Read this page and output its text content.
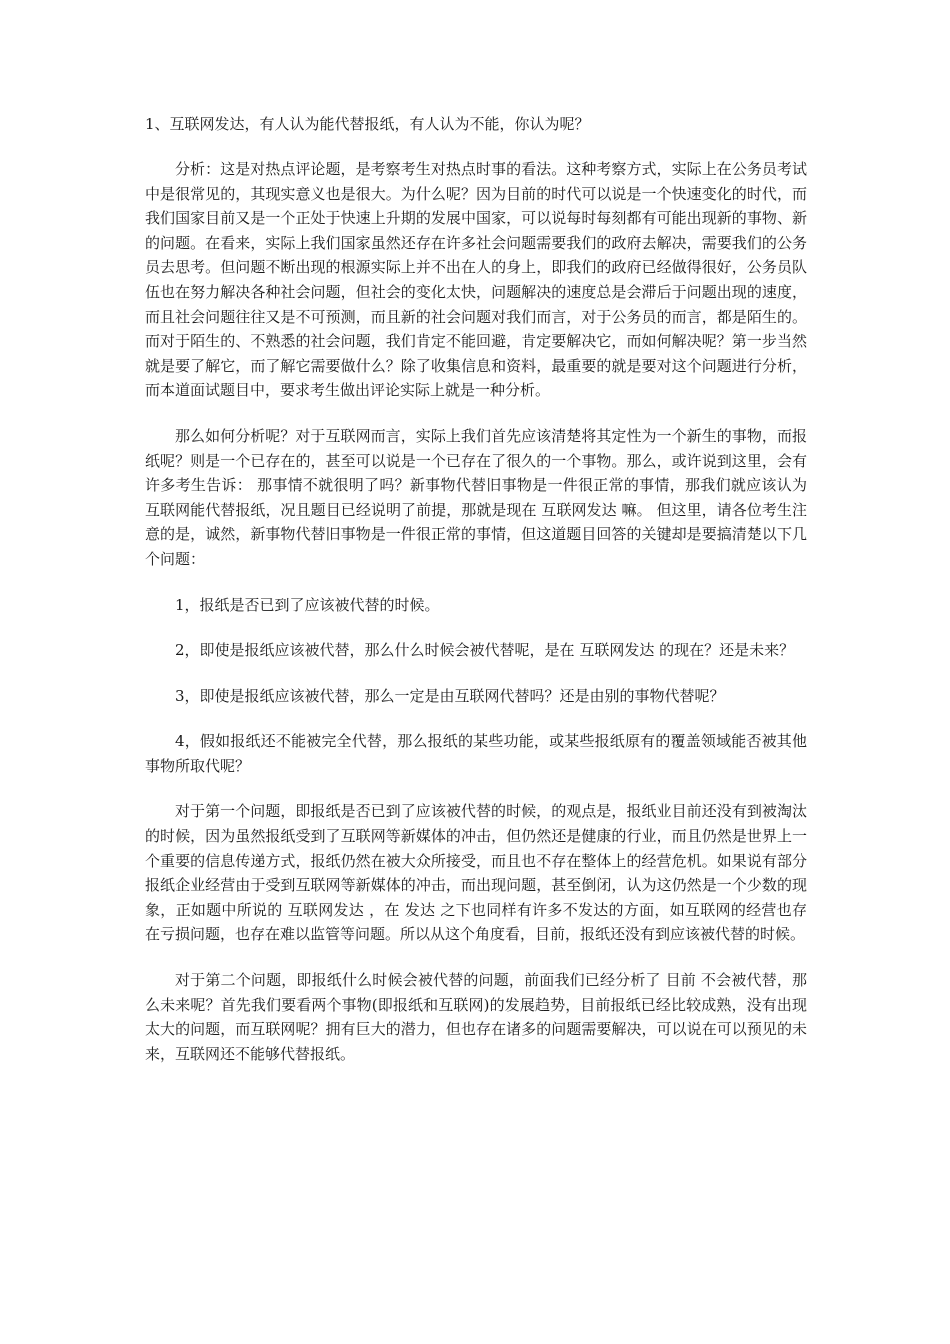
1、互联网发达，有人认为能代替报纸，有人认为不能，你认为呢？

分析：这是对热点评论题，是考察考生对热点时事的看法。这种考察方式，实际上在公务员考试中是很常见的，其现实意义也是很大。为什么呢？因为目前的时代可以说是一个快速变化的时代，而我们国家目前又是一个正处于快速上升期的发展中国家，可以说每时每刻都有可能出现新的事物、新的问题。在看来，实际上我们国家虽然还存在许多社会问题需要我们的政府去解决，需要我们的公务员去思考。但问题不断出现的根源实际上并不出在人的身上，即我们的政府已经做得很好，公务员队伍也在努力解决各种社会问题，但社会的变化太快，问题解决的速度总是会滞后于问题出现的速度，而且社会问题往往又是不可预测，而且新的社会问题对我们而言，对于公务员的而言，都是陌生的。而对于陌生的、不熟悉的社会问题，我们肯定不能回避，肯定要解决它，而如何解决呢？第一步当然就是要了解它，而了解它需要做什么？除了收集信息和资料，最重要的就是要对这个问题进行分析，而本道面试题目中，要求考生做出评论实际上就是一种分析。

那么如何分析呢？对于互联网而言，实际上我们首先应该清楚将其定性为一个新生的事物，而报纸呢？则是一个已存在的，甚至可以说是一个已存在了很久的一个事物。那么，或许说到这里，会有许多考生告诉： 那事情不就很明了吗？新事物代替旧事物是一件很正常的事情，那我们就应该认为互联网能代替报纸，况且题目已经说明了前提，那就是现在 互联网发达 嘛。 但这里，请各位考生注意的是，诚然，新事物代替旧事物是一件很正常的事情，但这道题目回答的关键却是要搞清楚以下几个问题：

1，报纸是否已到了应该被代替的时候。

2，即使是报纸应该被代替，那么什么时候会被代替呢，是在 互联网发达 的现在？还是未来？

3，即使是报纸应该被代替，那么一定是由互联网代替吗？还是由别的事物代替呢？

4，假如报纸还不能被完全代替，那么报纸的某些功能，或某些报纸原有的覆盖领域能否被其他事物所取代呢？

对于第一个问题，即报纸是否已到了应该被代替的时候，的观点是，报纸业目前还没有到被淘汰的时候，因为虽然报纸受到了互联网等新媒体的冲击，但仍然还是健康的行业，而且仍然是世界上一个重要的信息传递方式，报纸仍然在被大众所接受，而且也不存在整体上的经营危机。如果说有部分报纸企业经营由于受到互联网等新媒体的冲击，而出现问题，甚至倒闭，认为这仍然是一个少数的现象，正如题中所说的 互联网发达 ，在 发达 之下也同样有许多不发达的方面，如互联网的经营也存在亏损问题，也存在难以监管等问题。所以从这个角度看，目前，报纸还没有到应该被代替的时候。

对于第二个问题，即报纸什么时候会被代替的问题，前面我们已经分析了 目前 不会被代替，那么未来呢？首先我们要看两个事物(即报纸和互联网)的发展趋势，目前报纸已经比较成熟，没有出现太大的问题，而互联网呢？拥有巨大的潜力，但也存在诸多的问题需要解决，可以说在可以预见的未来，互联网还不能够代替报纸。
